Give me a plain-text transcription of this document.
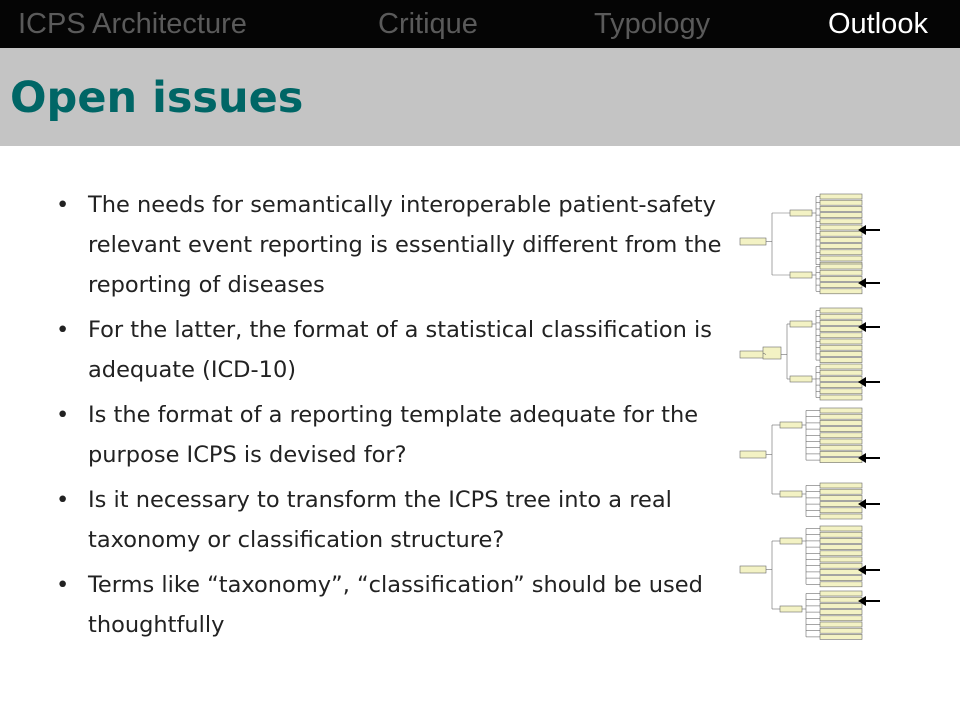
ICPS Architecture	Critique	Typology	Outlook
Open issues
• The needs for semantically interoperable patient-safety relevant event reporting is essentially different from the reporting of diseases
• For the latter, the format of a statistical classification is adequate (ICD-10)
• Is the format of a reporting template adequate for the purpose ICPS is devised for?
• Is it necessary to transform the ICPS tree into a real taxonomy or classification structure?
• Terms like “taxonomy”, “classification” should be used thoughtfully
